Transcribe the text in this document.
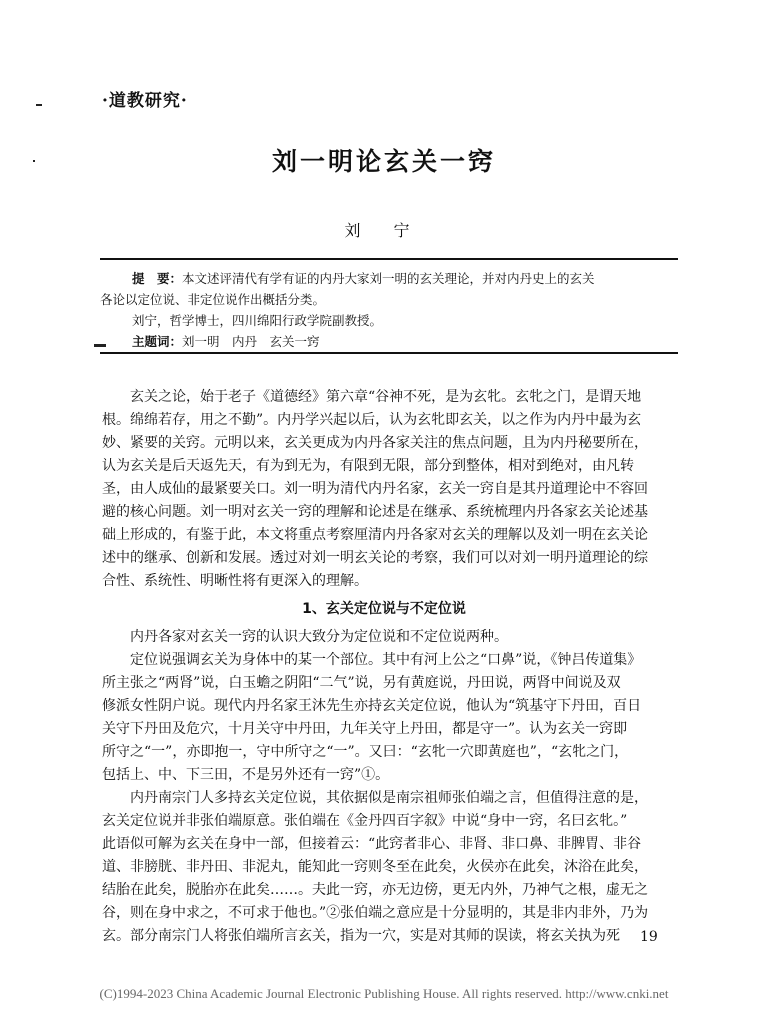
·道教研究·
刘一明论玄关一窍
刘 宁

提　要：本文述评清代有学有证的内丹大家刘一明的玄关理论，并对内丹史上的玄关

各论以定位说、非定位说作出概括分类。

刘宁，哲学博士，四川绵阳行政学院副教授。

主题词：刘一明　内丹　玄关一窍

玄关之论，始于老子《道德经》第六章“谷神不死，是为玄牝。玄牝之门，是谓天地

根。绵绵若存，用之不勤”。内丹学兴起以后，认为玄牝即玄关，以之作为内丹中最为玄

妙、紧要的关窍。元明以来，玄关更成为内丹各家关注的焦点问题，且为内丹秘要所在，

认为玄关是后天返先天，有为到无为，有限到无限，部分到整体，相对到绝对，由凡转

圣，由人成仙的最紧要关口。刘一明为清代内丹名家，玄关一窍自是其丹道理论中不容回

避的核心问题。刘一明对玄关一窍的理解和论述是在继承、系统梳理内丹各家玄关论述基

础上形成的，有鉴于此，本文将重点考察厘清内丹各家对玄关的理解以及刘一明在玄关论

述中的继承、创新和发展。透过对刘一明玄关论的考察，我们可以对刘一明丹道理论的综

合性、系统性、明晰性将有更深入的理解。

1、玄关定位说与不定位说

内丹各家对玄关一窍的认识大致分为定位说和不定位说两种。

定位说强调玄关为身体中的某一个部位。其中有河上公之“口鼻”说，《钟吕传道集》

所主张之“两肾”说，白玉蟾之阴阳“二气”说，另有黄庭说，丹田说，两肾中间说及双

修派女性阴户说。现代内丹名家王沐先生亦持玄关定位说，他认为“筑基守下丹田，百日

关守下丹田及危穴，十月关守中丹田，九年关守上丹田，都是守一”。认为玄关一窍即

所守之“一”，亦即抱一，守中所守之“一”。又曰：“玄牝一穴即黄庭也”，“玄牝之门，

包括上、中、下三田，不是另外还有一窍”①。

内丹南宗门人多持玄关定位说，其依据似是南宗祖师张伯端之言，但值得注意的是，

玄关定位说并非张伯端原意。张伯端在《金丹四百字叙》中说“身中一窍，名曰玄牝。”

此语似可解为玄关在身中一部，但接着云：“此窍者非心、非肾、非口鼻、非脾胃、非谷

道、非膀胱、非丹田、非泥丸，能知此一窍则冬至在此矣，火侯亦在此矣，沐浴在此矣，

结胎在此矣，脱胎亦在此矣……。夫此一窍，亦无边傍，更无内外，乃神气之根，虚无之

谷，则在身中求之，不可求于他也。”②张伯端之意应是十分显明的，其是非内非外，乃为

玄。部分南宗门人将张伯端所言玄关，指为一穴，实是对其师的误读，将玄关执为死	19
(C)1994-2023 China Academic Journal Electronic Publishing House. All rights reserved. http://www.cnki.net
